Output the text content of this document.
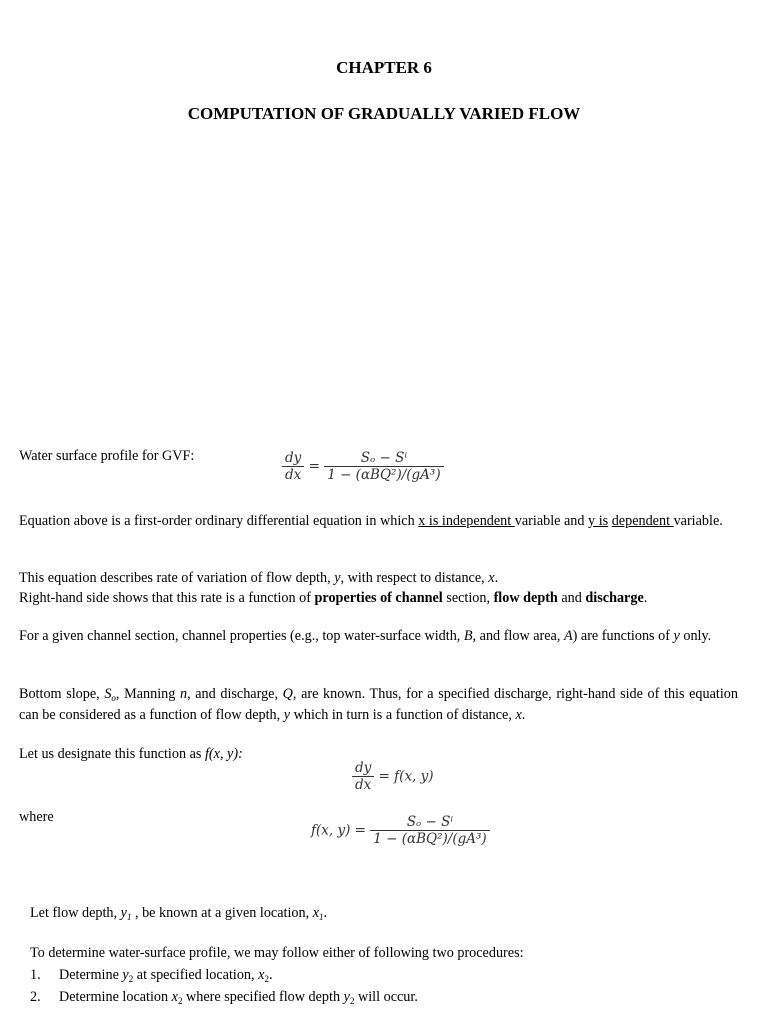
CHAPTER 6
COMPUTATION OF GRADUALLY VARIED FLOW
Water surface profile for GVF:	$\frac{dy}{dx} = \frac{\text{Sₒ − Sⁱ}}{\text{1 − (αBQ²)/(gA³)}}$
Equation above is a first-order ordinary differential equation in which x is independent variable and y is dependent variable.
This equation describes rate of variation of flow depth, y, with respect to distance, x.
Right-hand side shows that this rate is a function of properties of channel section, flow depth and discharge.
For a given channel section, channel properties (e.g., top water-surface width, B, and flow area, A) are functions of y only.
Bottom slope, $S_o$, Manning n, and discharge, Q, are known. Thus, for a specified discharge, right-hand side of this equation can be considered as a function of flow depth, y which in turn is a function of distance, x.
Let us designate this function as f(x, y):
$\frac{dy}{dx} = f(x$, y)
where
f(x, $y) = \frac{\text{Sₒ − Sⁱ}}{\text{1 − (αBQ²)/(gA³)}}$
Let flow depth, $y_1$ , be known at a given location, $x_1$.
To determine water-surface profile, we may follow either of following two procedures:
1. Determine $y_2$ at specified location, $x_2$.
2. Determine location $x_2$ where specified flow depth $y_2$ will occur.
